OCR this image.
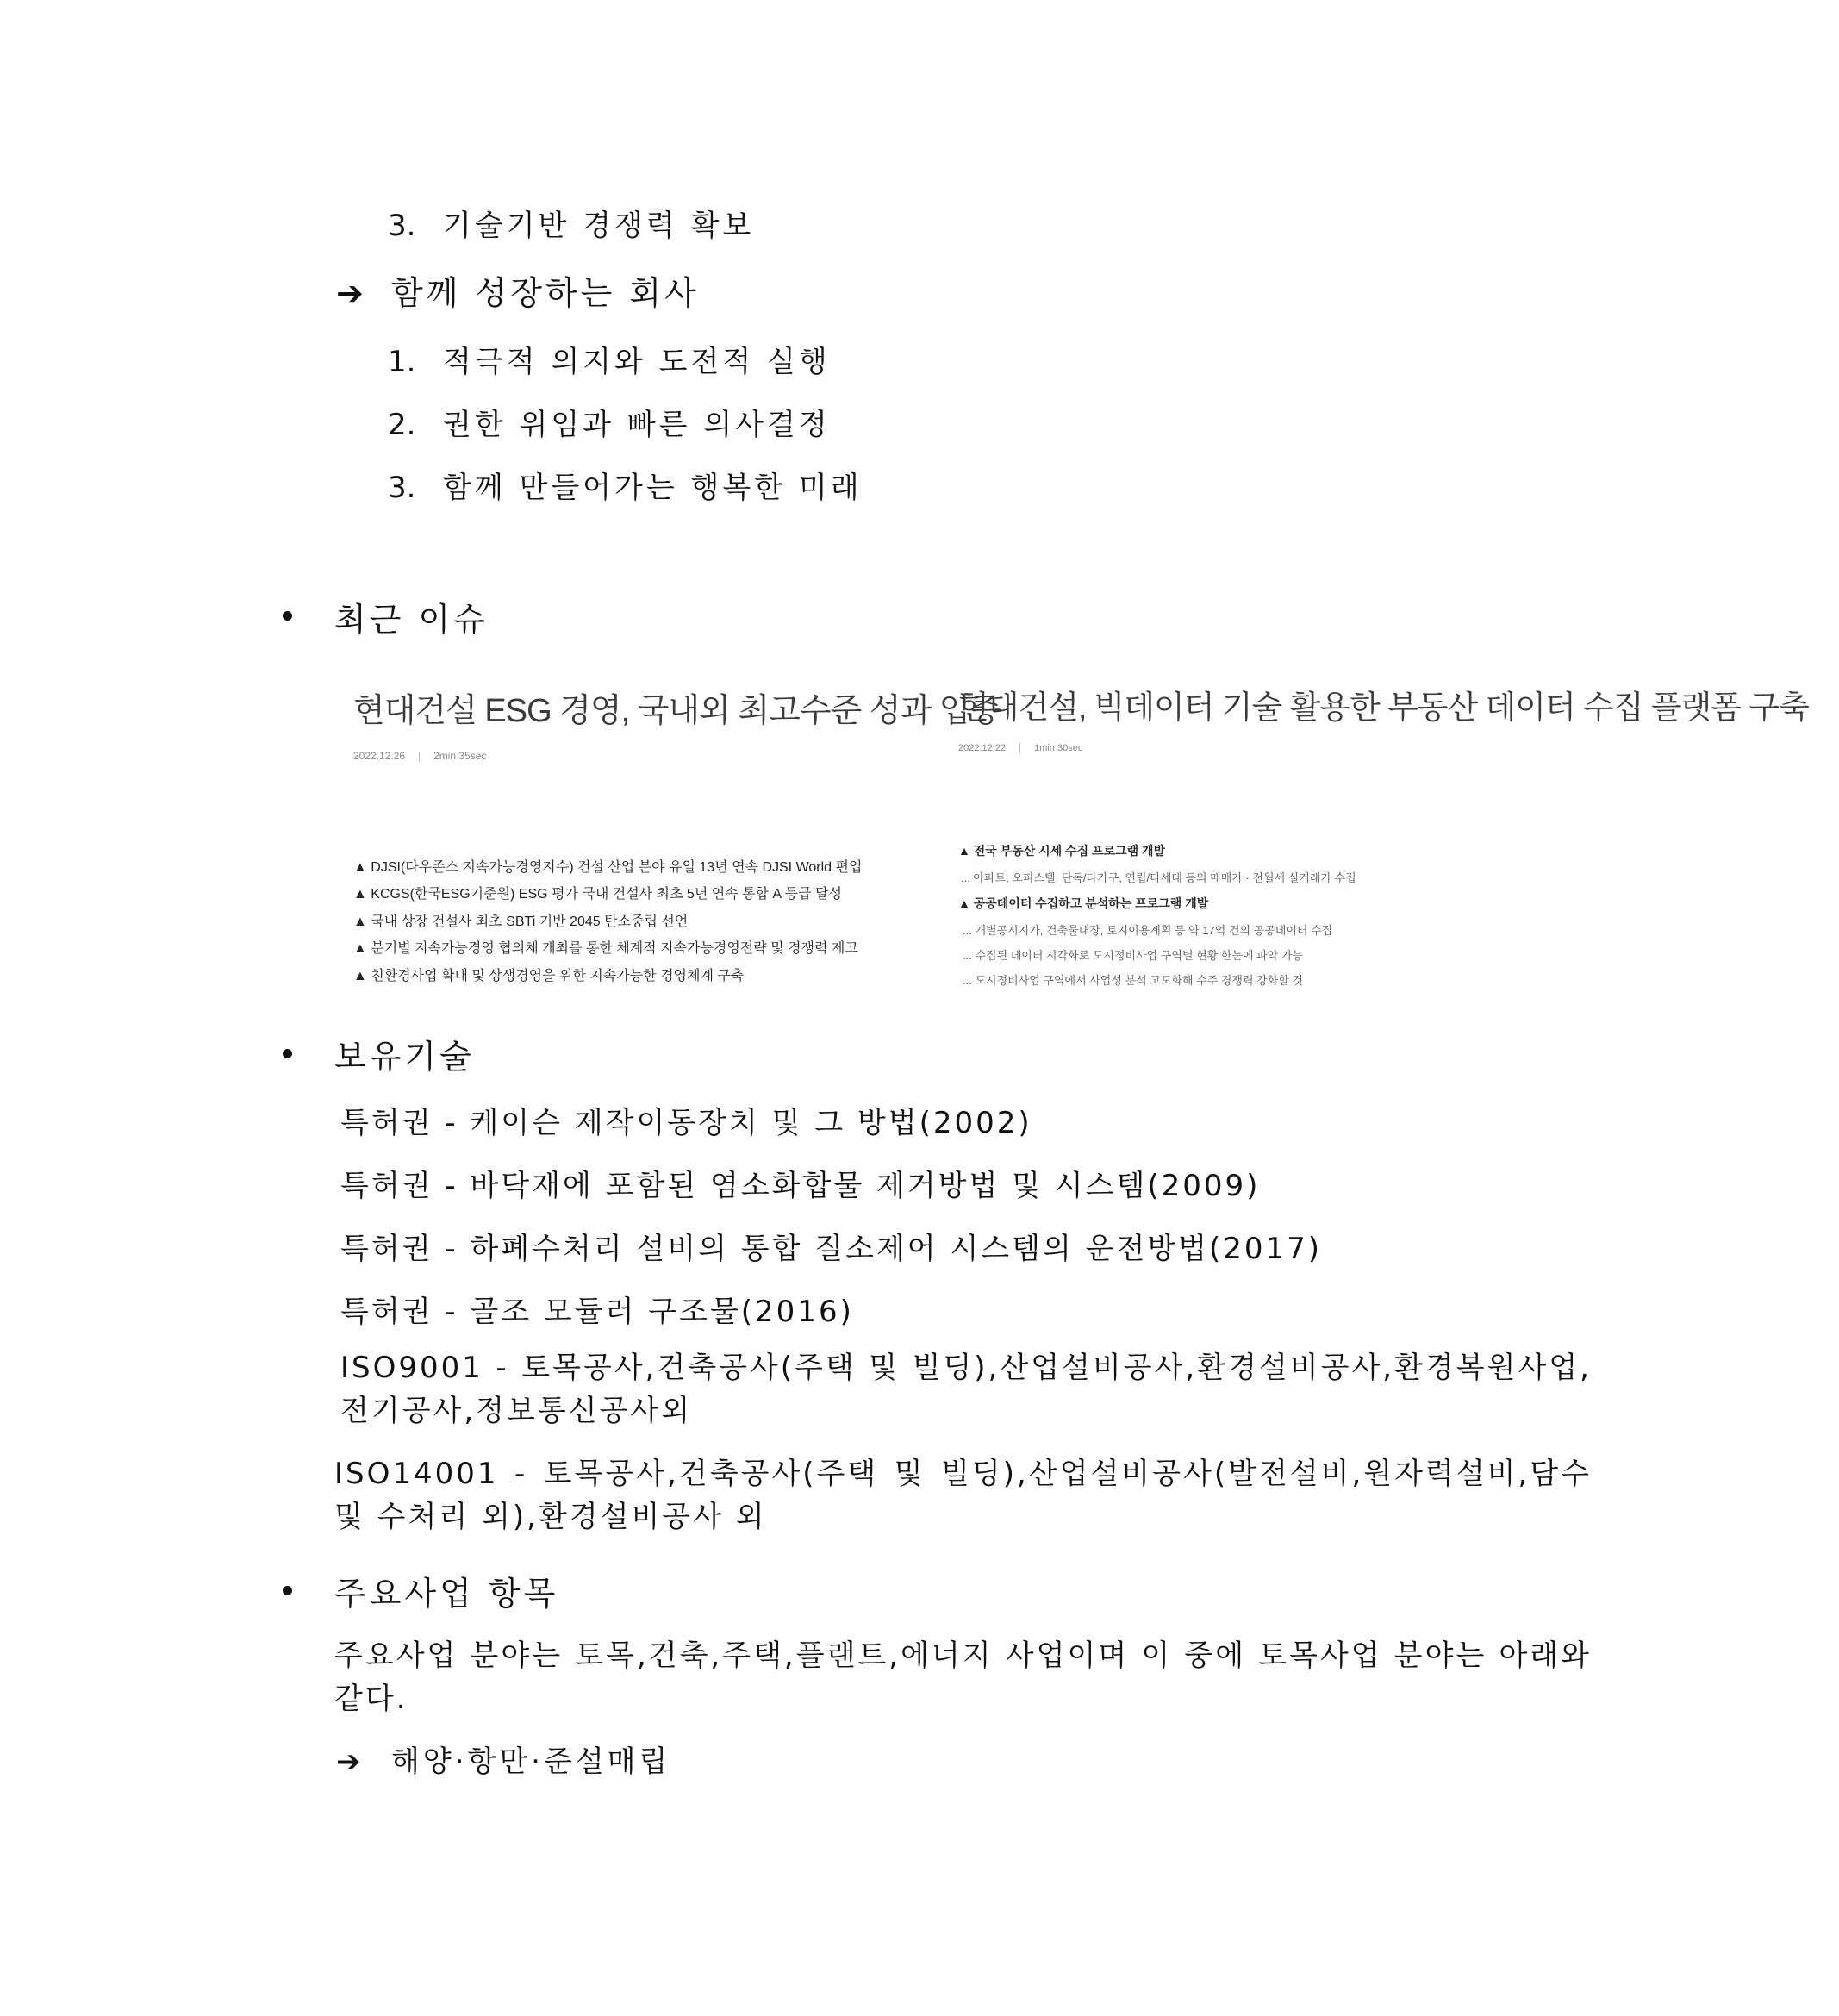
3. 기술기반 경쟁력 확보
➔ 함께 성장하는 회사
1. 적극적 의지와 도전적 실행
2. 권한 위임과 빠른 의사결정
3. 함께 만들어가는 행복한 미래
최근 이슈
현대건설 ESG 경영, 국내외 최고수준 성과 입증
2022.12.26	2min 35sec
▲ DJSI(다우존스 지속가능경영지수) 건설 산업 분야 유일 13년 연속 DJSI World 편입
▲ KCGS(한국ESG기준원) ESG 평가 국내 건설사 최초 5년 연속 통합 A 등급 달성
▲ 국내 상장 건설사 최초 SBTi 기반 2045 탄소중립 선언
▲ 분기별 지속가능경영 협의체 개최를 통한 체계적 지속가능경영전략 및 경쟁력 제고
▲ 친환경사업 확대 및 상생경영을 위한 지속가능한 경영체계 구축
현대건설, 빅데이터 기술 활용한 부동산 데이터 수집 플랫폼 구축
2022.12.22	1min 30sec
▲ 전국 부동산 시세 수집 프로그램 개발
... 아파트, 오피스텔, 단독/다가구, 연립/다세대 등의 매매가 · 전월세 실거래가 수집
▲ 공공데이터 수집하고 분석하는 프로그램 개발
... 개별공시지가, 건축물대장, 토지이용계획 등 약 17억 건의 공공데이터 수집
... 수집된 데이터 시각화로 도시정비사업 구역별 현황 한눈에 파악 가능
... 도시정비사업 구역에서 사업성 분석 고도화해 수주 경쟁력 강화할 것
보유기술
특허권 - 케이슨 제작이동장치 및 그 방법(2002)
특허권 - 바닥재에 포함된 염소화합물 제거방법 및 시스템(2009)
특허권 - 하폐수처리 설비의 통합 질소제어 시스템의 운전방법(2017)
특허권 - 골조 모듈러 구조물(2016)
ISO9001 - 토목공사,건축공사(주택 및 빌딩),산업설비공사,환경설비공사,환경복원사업,전기공사,정보통신공사외
ISO14001 - 토목공사,건축공사(주택 및 빌딩),산업설비공사(발전설비,원자력설비,담수 및 수처리 외),환경설비공사 외
주요사업 항목
주요사업 분야는 토목,건축,주택,플랜트,에너지 사업이며 이 중에 토목사업 분야는 아래와 같다.
➔ 해양·항만·준설매립
